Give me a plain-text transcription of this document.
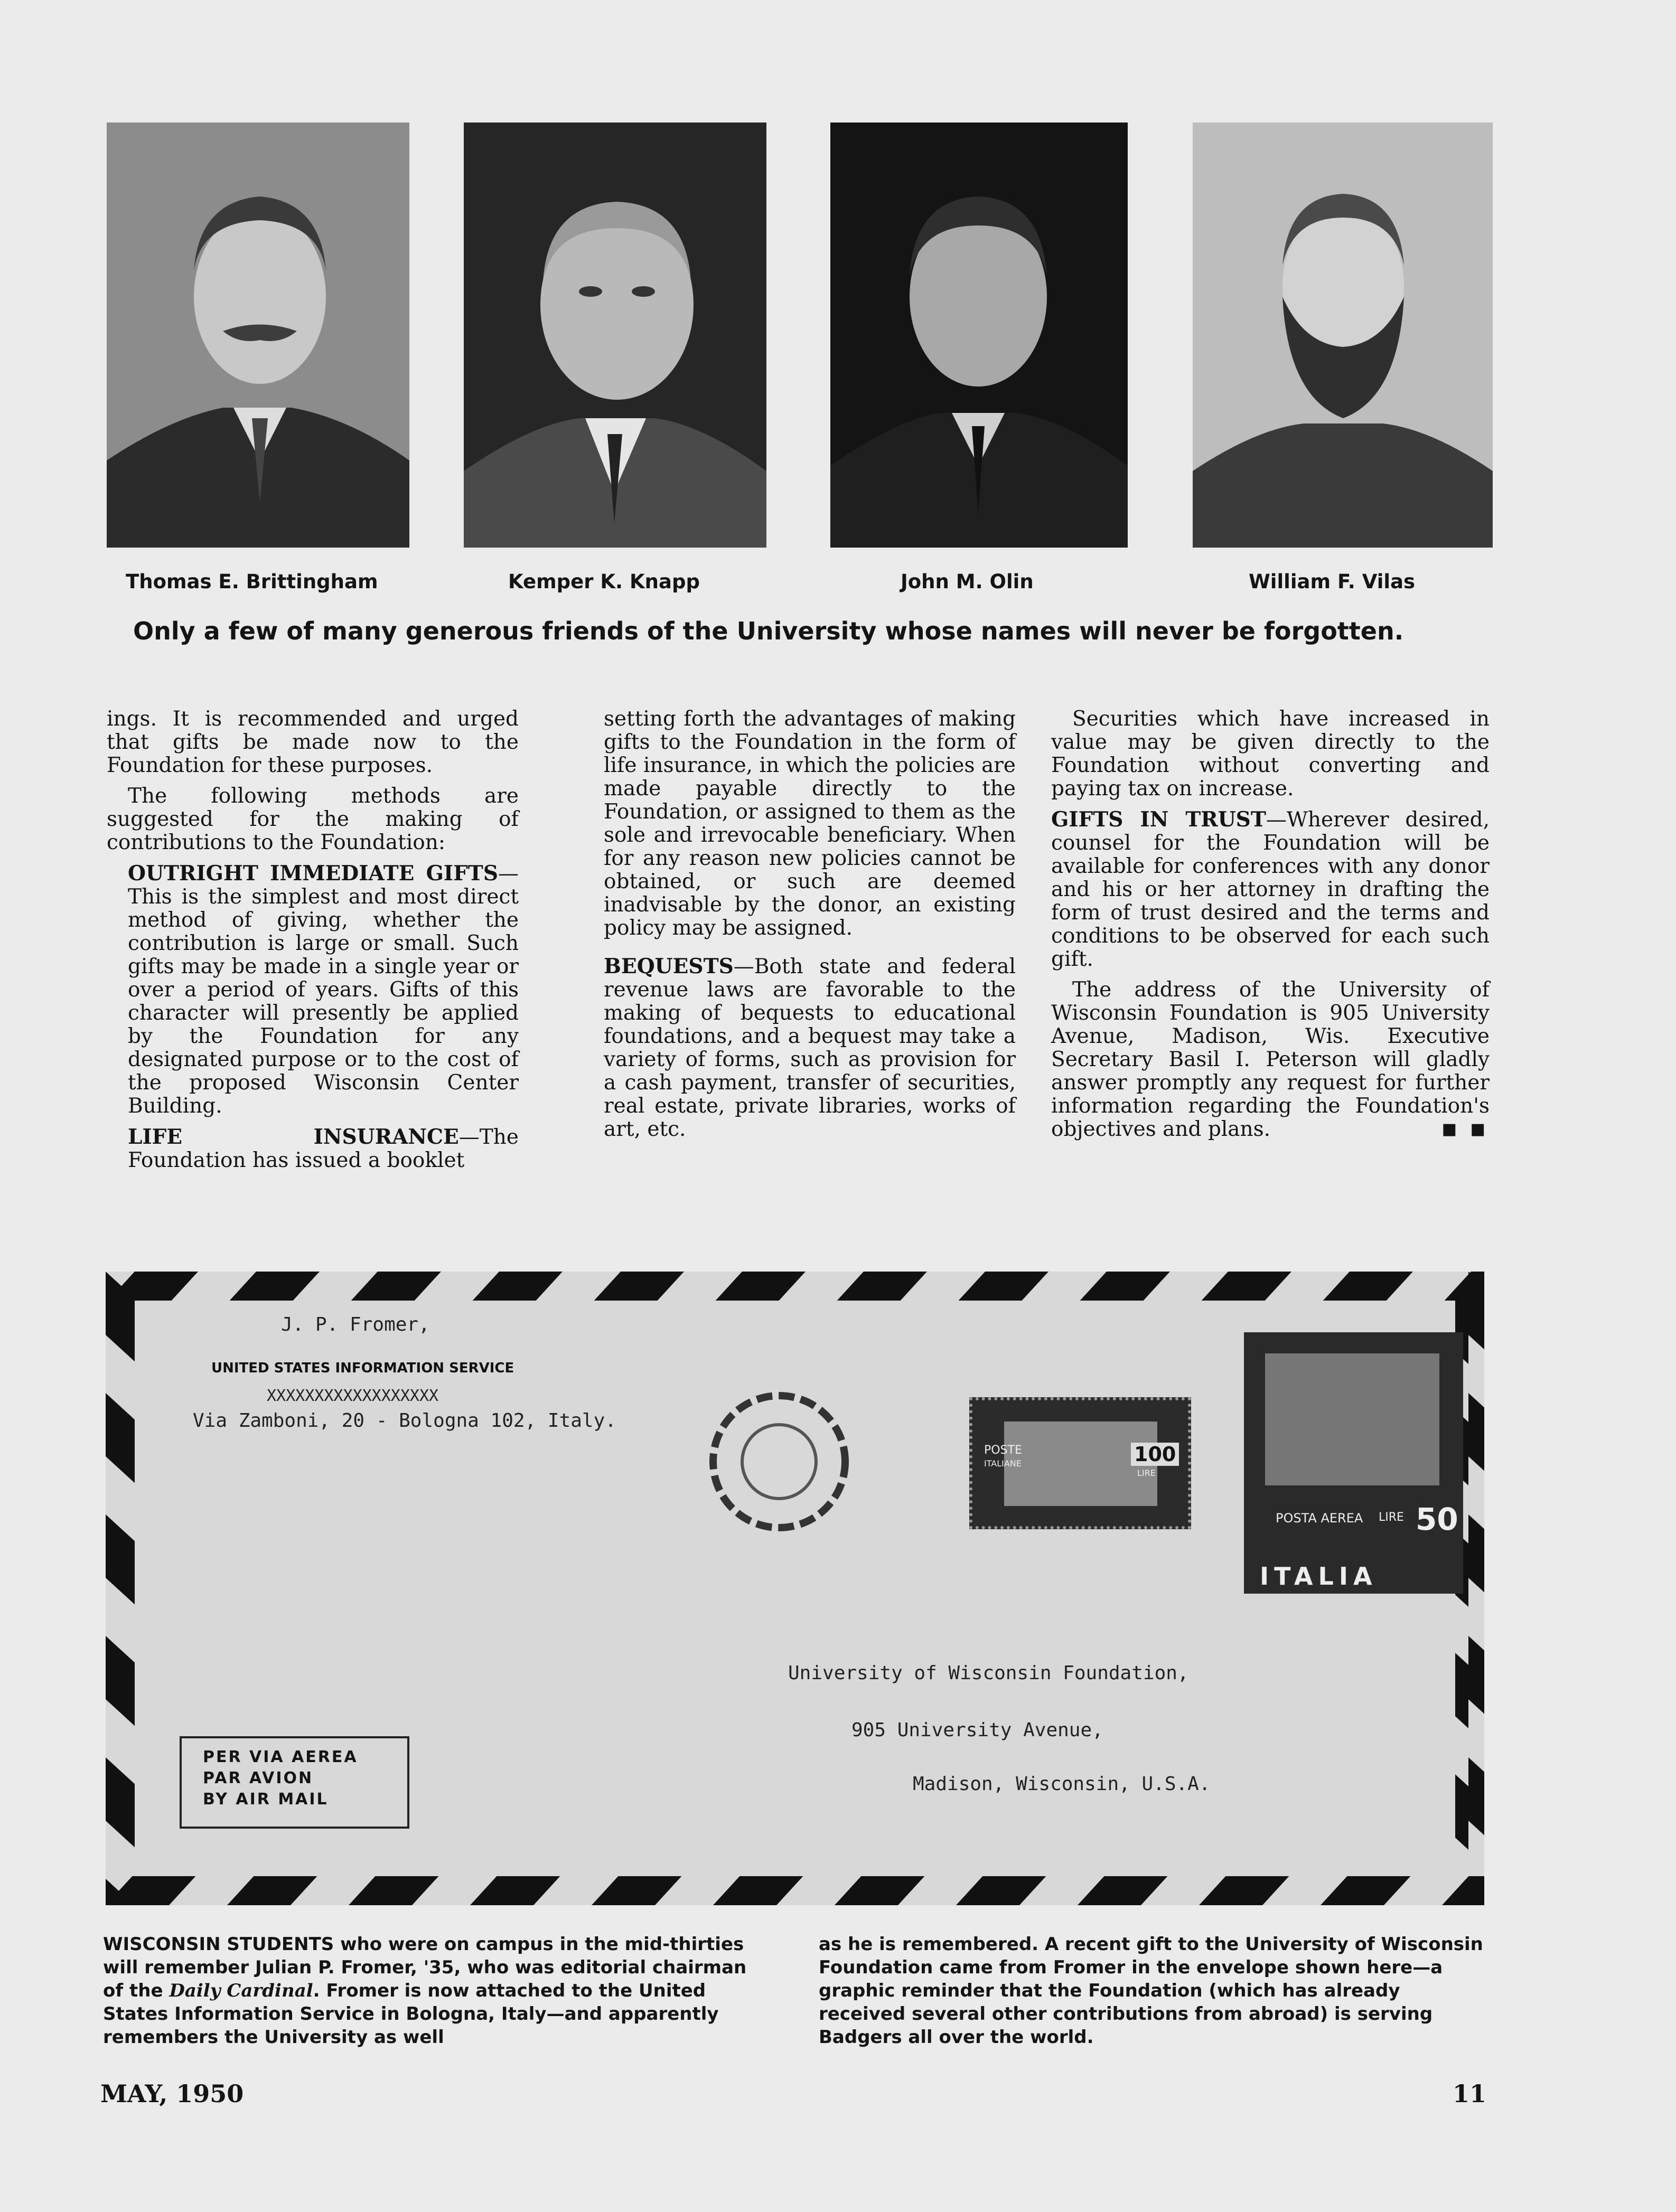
Thomas E. Brittingham	Kemper K. Knapp	John M. Olin	William F. Vilas
Only a few of many generous friends of the University whose names will never be forgotten.

ings. It is recommended and urged that gifts be made now to the Foundation for these purposes.

The following methods are suggested for the making of contributions to the Foundation:

OUTRIGHT IMMEDIATE GIFTS—This is the simplest and most direct method of giving, whether the contribution is large or small. Such gifts may be made in a single year or over a period of years. Gifts of this character will presently be applied by the Foundation for any designated purpose or to the cost of the proposed Wisconsin Center Building.

LIFE INSURANCE—The Foundation has issued a booklet

setting forth the advantages of making gifts to the Foundation in the form of life insurance, in which the policies are made payable directly to the Foundation, or assigned to them as the sole and irrevocable beneficiary. When for any reason new policies cannot be obtained, or such are deemed inadvisable by the donor, an existing policy may be assigned.

BEQUESTS—Both state and federal revenue laws are favorable to the making of bequests to educational foundations, and a bequest may take a variety of forms, such as provision for a cash payment, transfer of securities, real estate, private libraries, works of art, etc.

Securities which have increased in value may be given directly to the Foundation without converting and paying tax on increase.

GIFTS IN TRUST—Wherever desired, counsel for the Foundation will be available for conferences with any donor and his or her attorney in drafting the form of trust desired and the terms and conditions to be observed for each such gift.

The address of the University of Wisconsin Foundation is 905 University Avenue, Madison, Wis. Executive Secretary Basil I. Peterson will gladly answer promptly any request for further information regarding the Foundation's objectives and plans.	■ ■

J. P. Fromer,
UNITED STATES INFORMATION SERVICE
XXXXXXXXXXXXXXXXXX
Via Zamboni, 20 - Bologna 102, Italy.
POSTE
ITALIANE	100
LIRE
50
LIRE
POSTA AEREA
ITALIA
University of Wisconsin Foundation,
905 University Avenue,
Madison, Wisconsin, U.S.A.
PER VIA AEREA
PAR AVION
BY AIR MAIL
WISCONSIN STUDENTS who were on campus in the mid-thirties will remember Julian P. Fromer, '35, who was editorial chairman of the Daily Cardinal. Fromer is now attached to the United States Information Service in Bologna, Italy—and apparently remembers the University as well
as he is remembered. A recent gift to the University of Wisconsin Foundation came from Fromer in the envelope shown here—a graphic reminder that the Foundation (which has already received several other contributions from abroad) is serving Badgers all over the world.
MAY, 1950	11
